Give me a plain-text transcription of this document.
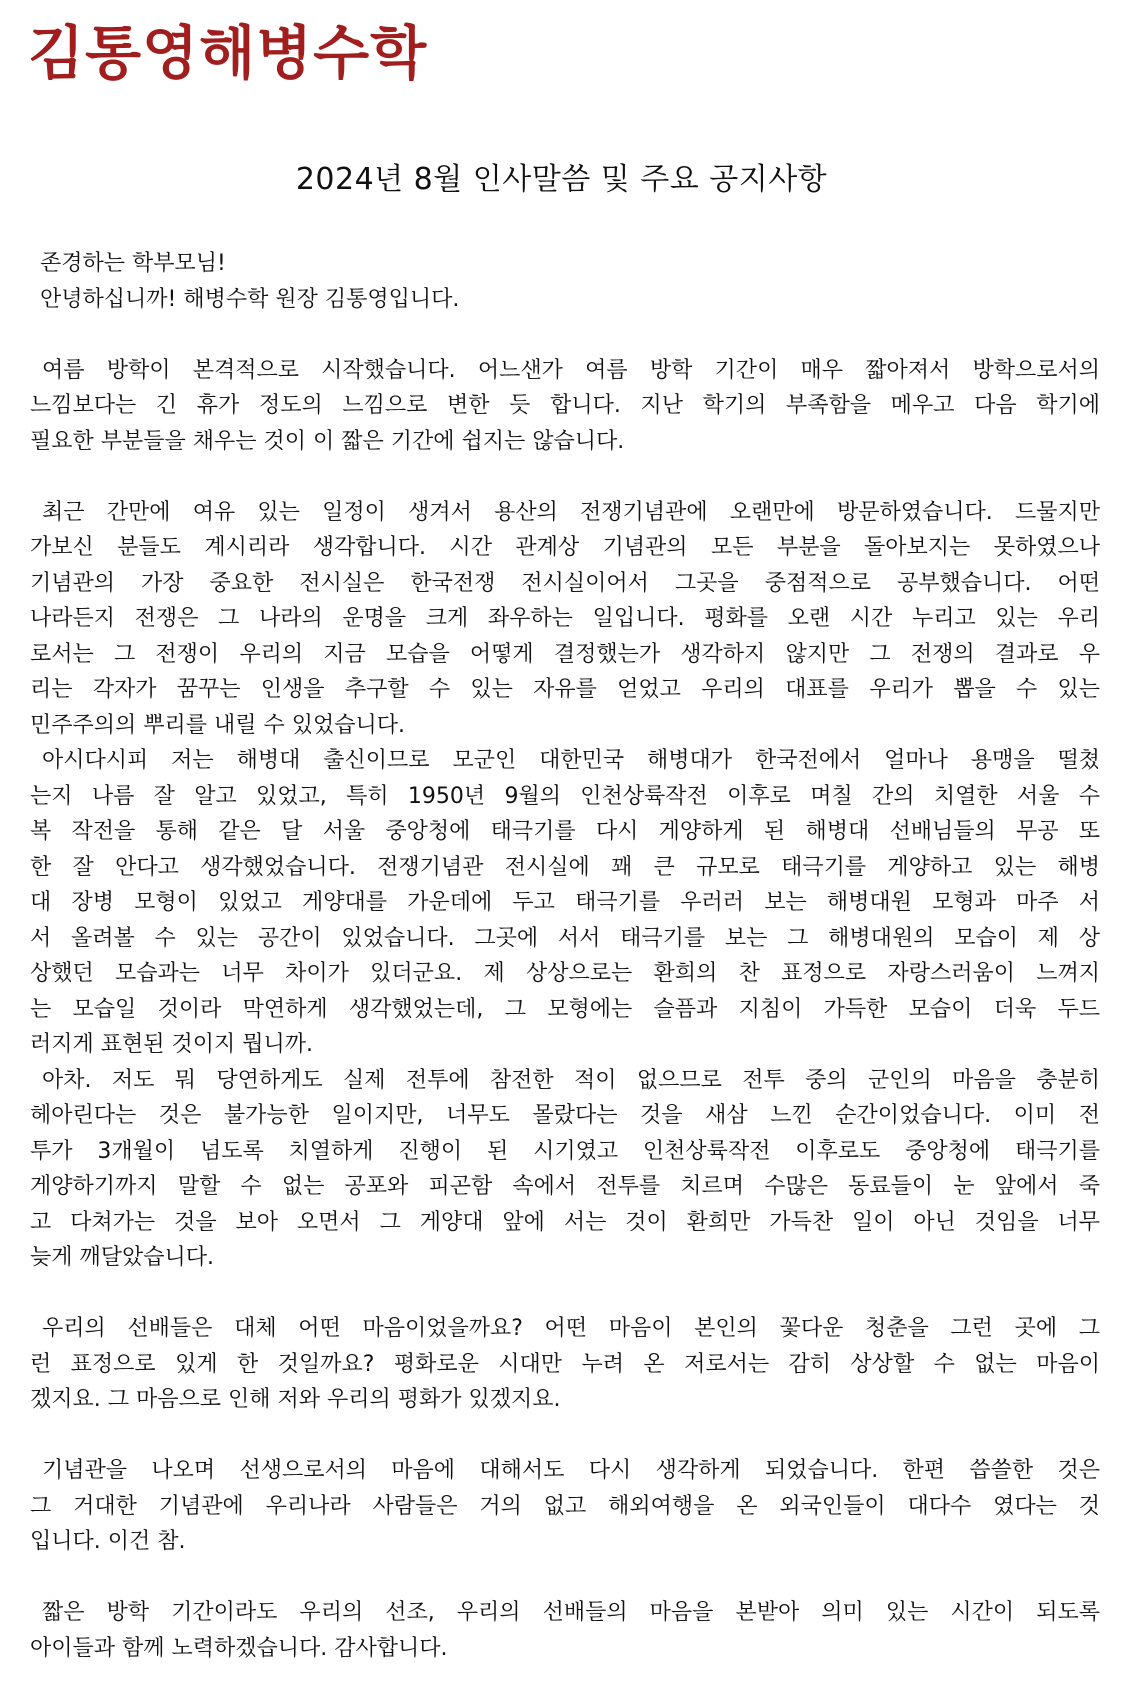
김통영해병수학
2024년 8월 인사말씀 및 주요 공지사항
존경하는 학부모님!
안녕하십니까! 해병수학 원장 김통영입니다.
여름 방학이 본격적으로 시작했습니다. 어느샌가 여름 방학 기간이 매우 짧아져서 방학으로서의
느낌보다는 긴 휴가 정도의 느낌으로 변한 듯 합니다. 지난 학기의 부족함을 메우고 다음 학기에
필요한 부분들을 채우는 것이 이 짧은 기간에 쉽지는 않습니다.
최근 간만에 여유 있는 일정이 생겨서 용산의 전쟁기념관에 오랜만에 방문하였습니다. 드물지만
가보신 분들도 계시리라 생각합니다. 시간 관계상 기념관의 모든 부분을 돌아보지는 못하였으나
기념관의 가장 중요한 전시실은 한국전쟁 전시실이어서 그곳을 중점적으로 공부했습니다. 어떤
나라든지 전쟁은 그 나라의 운명을 크게 좌우하는 일입니다. 평화를 오랜 시간 누리고 있는 우리
로서는 그 전쟁이 우리의 지금 모습을 어떻게 결정했는가 생각하지 않지만 그 전쟁의 결과로 우
리는 각자가 꿈꾸는 인생을 추구할 수 있는 자유를 얻었고 우리의 대표를 우리가 뽑을 수 있는
민주주의의 뿌리를 내릴 수 있었습니다.
아시다시피 저는 해병대 출신이므로 모군인 대한민국 해병대가 한국전에서 얼마나 용맹을 떨쳤
는지 나름 잘 알고 있었고, 특히 1950년 9월의 인천상륙작전 이후로 며칠 간의 치열한 서울 수
복 작전을 통해 같은 달 서울 중앙청에 태극기를 다시 게양하게 된 해병대 선배님들의 무공 또
한 잘 안다고 생각했었습니다. 전쟁기념관 전시실에 꽤 큰 규모로 태극기를 게양하고 있는 해병
대 장병 모형이 있었고 게양대를 가운데에 두고 태극기를 우러러 보는 해병대원 모형과 마주 서
서 올려볼 수 있는 공간이 있었습니다. 그곳에 서서 태극기를 보는 그 해병대원의 모습이 제 상
상했던 모습과는 너무 차이가 있더군요. 제 상상으로는 환희의 찬 표정으로 자랑스러움이 느껴지
는 모습일 것이라 막연하게 생각했었는데, 그 모형에는 슬픔과 지침이 가득한 모습이 더욱 두드
러지게 표현된 것이지 뭡니까.
아차. 저도 뭐 당연하게도 실제 전투에 참전한 적이 없으므로 전투 중의 군인의 마음을 충분히
헤아린다는 것은 불가능한 일이지만, 너무도 몰랐다는 것을 새삼 느낀 순간이었습니다. 이미 전
투가 3개월이 넘도록 치열하게 진행이 된 시기였고 인천상륙작전 이후로도 중앙청에 태극기를
게양하기까지 말할 수 없는 공포와 피곤함 속에서 전투를 치르며 수많은 동료들이 눈 앞에서 죽
고 다쳐가는 것을 보아 오면서 그 게양대 앞에 서는 것이 환희만 가득찬 일이 아닌 것임을 너무
늦게 깨달았습니다.
우리의 선배들은 대체 어떤 마음이었을까요? 어떤 마음이 본인의 꽃다운 청춘을 그런 곳에 그
런 표정으로 있게 한 것일까요? 평화로운 시대만 누려 온 저로서는 감히 상상할 수 없는 마음이
겠지요. 그 마음으로 인해 저와 우리의 평화가 있겠지요.
기념관을 나오며 선생으로서의 마음에 대해서도 다시 생각하게 되었습니다. 한편 씁쓸한 것은
그 거대한 기념관에 우리나라 사람들은 거의 없고 해외여행을 온 외국인들이 대다수 였다는 것
입니다. 이건 참.
짧은 방학 기간이라도 우리의 선조, 우리의 선배들의 마음을 본받아 의미 있는 시간이 되도록
아이들과 함께 노력하겠습니다. 감사합니다.
